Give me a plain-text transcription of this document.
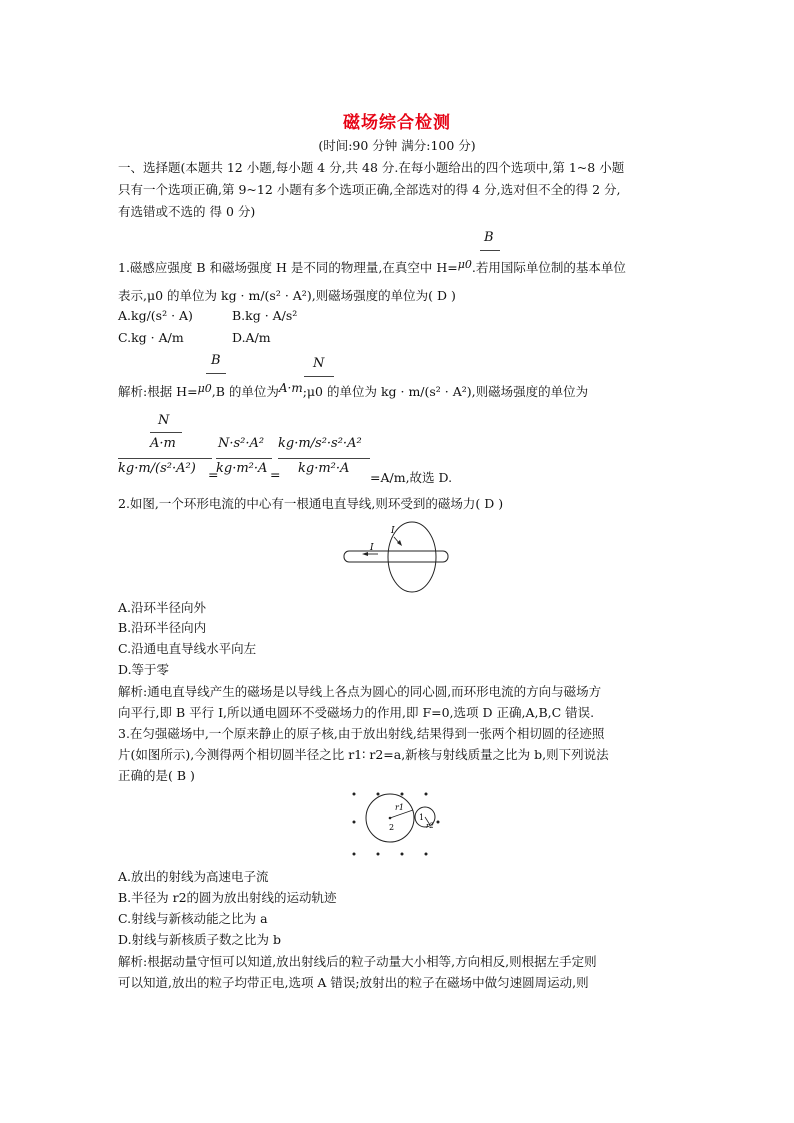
磁场综合检测
(时间:90 分钟 满分:100 分)
一、选择题(本题共 12 小题,每小题 4 分,共 48 分.在每小题给出的四个选项中,第 1~8 小题
只有一个选项正确,第 9~12 小题有多个选项正确,全部选对的得 4 分,选对但不全的得 2 分,
有选错或不选的 得 0 分)
B
1.磁感应强度 B 和磁场强度 H 是不同的物理量,在真空中 H=μ0.若用国际单位制的基本单位
表示,μ0 的单位为 kg · m/(s² · A²),则磁场强度的单位为( D )
A.kg/(s² · A)	B.kg · A/s²
C.kg · A/m	D.A/m
B	N
解析:根据 H=μ0,B 的单位为A·m;μ0 的单位为 kg · m/(s² · A²),则磁场强度的单位为
N
A·m
kg·m/(s²·A²) =
N·s²·A²
kg·m²·A =
kg·m/s²·s²·A²
kg·m²·A
=A/m,故选 D.
2.如图,一个环形电流的中心有一根通电直导线,则环受到的磁场力( D )
I
I
A.沿环半径向外
B.沿环半径向内
C.沿通电直导线水平向左
D.等于零
解析:通电直导线产生的磁场是以导线上各点为圆心的同心圆,而环形电流的方向与磁场方
向平行,即 B 平行 I,所以通电圆环不受磁场力的作用,即 F=0,选项 D 正确,A,B,C 错误.
3.在匀强磁场中,一个原来静止的原子核,由于放出射线,结果得到一张两个相切圆的径迹照
片(如图所示),今测得两个相切圆半径之比 r1∶ r2=a,新核与射线质量之比为 b,则下列说法
正确的是( B )
r1
2
1
r2
A.放出的射线为高速电子流
B.半径为 r2的圆为放出射线的运动轨迹
C.射线与新核动能之比为 a
D.射线与新核质子数之比为 b
解析:根据动量守恒可以知道,放出射线后的粒子动量大小相等,方向相反,则根据左手定则
可以知道,放出的粒子均带正电,选项 A 错误;放射出的粒子在磁场中做匀速圆周运动,则
